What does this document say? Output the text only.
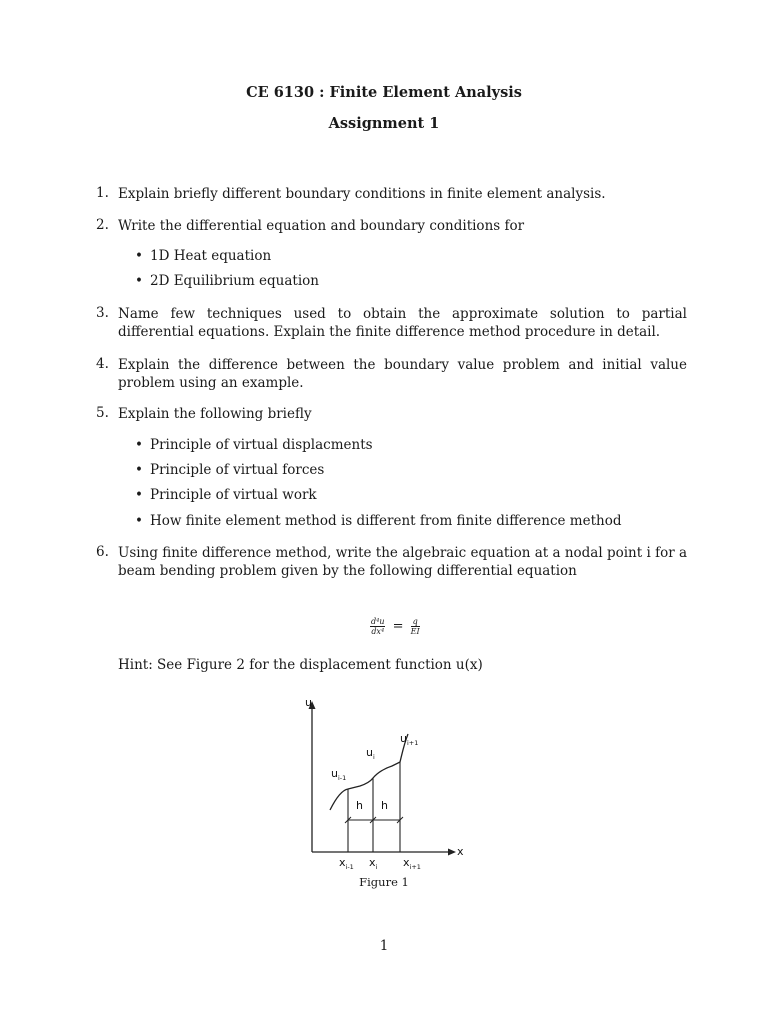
CE 6130 : Finite Element Analysis
Assignment 1
1. Explain briefly different boundary conditions in finite element analysis.
2. Write the differential equation and boundary conditions for
• 1D Heat equation
• 2D Equilibrium equation
3. Name few techniques used to obtain the approximate solution to partial differential equations. Explain the finite difference method procedure in detail.
4. Explain the difference between the boundary value problem and initial value problem using an example.
5. Explain the following briefly
• Principle of virtual displacments
• Principle of virtual forces
• Principle of virtual work
• How finite element method is different from finite difference method
6. Using finite difference method, write the algebraic equation at a nodal point i for a beam bending problem given by the following differential equation
$\frac{\text{d⁴u}}{\text{dx⁴}} = \frac{q}{EI}$
Hint: See Figure 2 for the displacement function u(x)
u
x
h h
$u_{i-1}$
$u_i$
$u_{i+1}$
$x_{i-1}$ $x_i$ $x_{i+1}$
Figure 1
1
